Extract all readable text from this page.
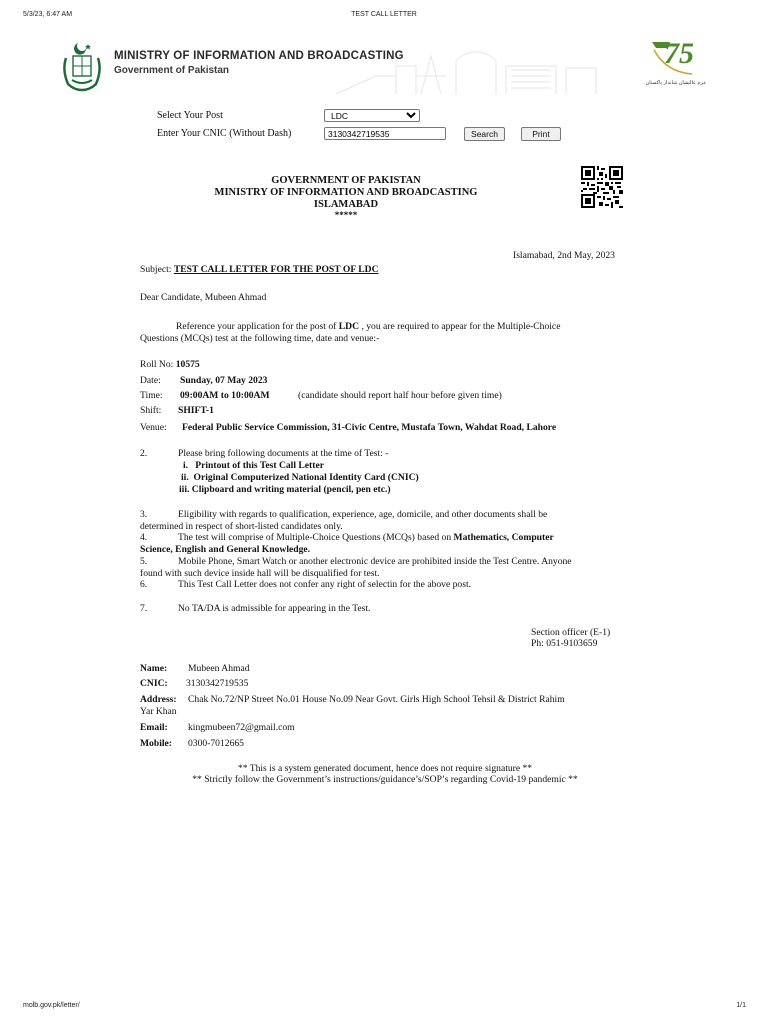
5/3/23, 6:47 AM	TEST CALL LETTER
MINISTRY OF INFORMATION AND BROADCASTING
Government of Pakistan
75
عزم عالیشان شاندار پاکستان
Select Your Post
LDC
Enter Your CNIC (Without Dash)
3130342719535	Search	Print
GOVERNMENT OF PAKISTAN
MINISTRY OF INFORMATION AND BROADCASTING
ISLAMABAD
*****
Islamabad, 2nd May, 2023
Subject: TEST CALL LETTER FOR THE POST OF LDC
Dear Candidate, Mubeen Ahmad
Reference your application for the post of LDC , you are required to appear for the Multiple-Choice
Questions (MCQs) test at the following time, date and venue:-
Roll No: 10575
Date: Sunday, 07 May 2023
Time: 09:00AM to 10:00AM	(candidate should report half hour before given time)
Shift: SHIFT-1
Venue: Federal Public Service Commission, 31-Civic Centre, Mustafa Town, Wahdat Road, Lahore
2.	Please bring following documents at the time of Test: -
i.   Printout of this Test Call Letter
ii.  Original Computerized National Identity Card (CNIC)
iii. Clipboard and writing material (pencil, pen etc.)
3.	Eligibility with regards to qualification, experience, age, domicile, and other documents shall be
determined in respect of short-listed candidates only.
4.	The test will comprise of Multiple-Choice Questions (MCQs) based on Mathematics, Computer
Science, English and General Knowledge.
5.	Mobile Phone, Smart Watch or another electronic device are prohibited inside the Test Centre. Anyone
found with such device inside hall will be disqualified for test.
6.	This Test Call Letter does not confer any right of selectin for the above post.
7.	No TA/DA is admissible for appearing in the Test.
Section officer (E-1)
Ph: 051-9103659
Name: Mubeen Ahmad
CNIC: 3130342719535
Address: Chak No.72/NP Street No.01 House No.09 Near Govt. Girls High School Tehsil & District Rahim
Yar Khan
Email: kingmubeen72@gmail.com
Mobile: 0300-7012665
** This is a system generated document, hence does not require signature **
** Strictly follow the Government’s instructions/guidance’s/SOP’s regarding Covid-19 pandemic **
molb.gov.pk/letter/	1/1
